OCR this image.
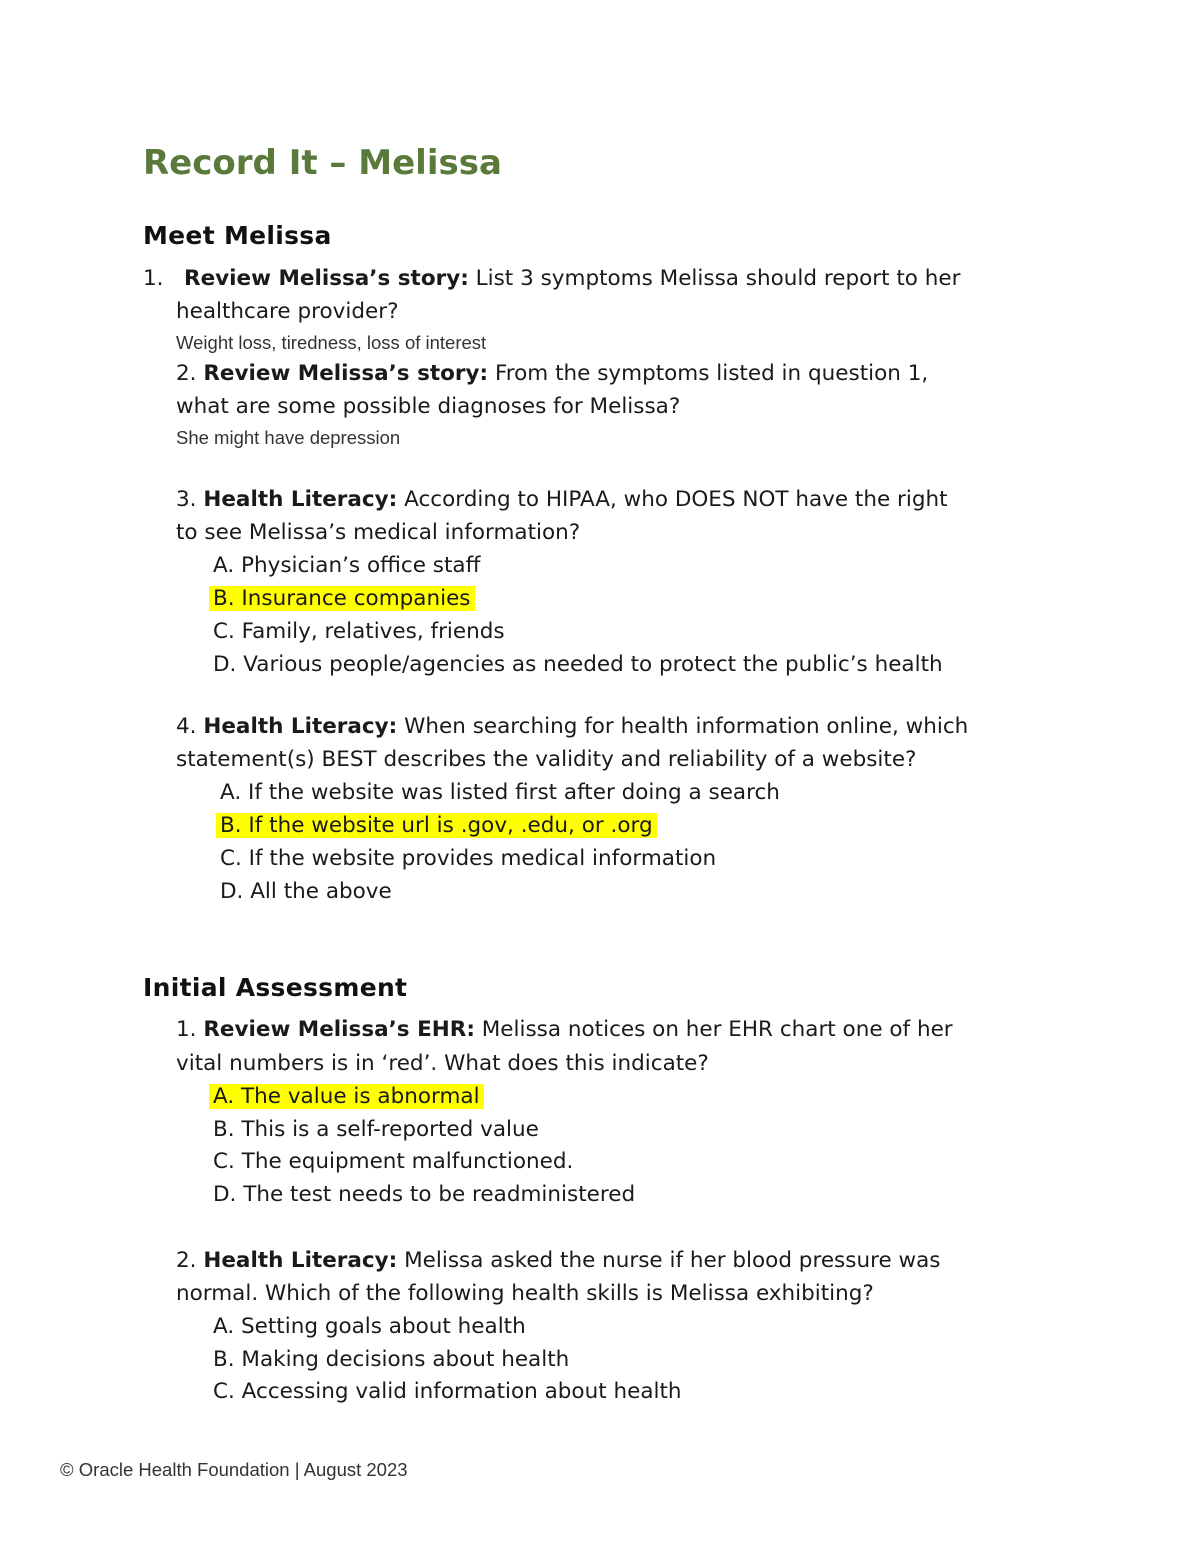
Record It – Melissa
Meet Melissa
1. Review Melissa’s story: List 3 symptoms Melissa should report to her
healthcare provider?
Weight loss, tiredness, loss of interest
2. Review Melissa’s story: From the symptoms listed in question 1,
what are some possible diagnoses for Melissa?
She might have depression
3. Health Literacy: According to HIPAA, who DOES NOT have the right
to see Melissa’s medical information?
A. Physician’s office staff
B. Insurance companies
C. Family, relatives, friends
D. Various people/agencies as needed to protect the public’s health
4. Health Literacy: When searching for health information online, which
statement(s) BEST describes the validity and reliability of a website?
A. If the website was listed first after doing a search
B. If the website url is .gov, .edu, or .org
C. If the website provides medical information
D. All the above
Initial Assessment
1. Review Melissa’s EHR: Melissa notices on her EHR chart one of her
vital numbers is in ‘red’. What does this indicate?
A. The value is abnormal
B. This is a self-reported value
C. The equipment malfunctioned.
D. The test needs to be readministered
2. Health Literacy: Melissa asked the nurse if her blood pressure was
normal. Which of the following health skills is Melissa exhibiting?
A. Setting goals about health
B. Making decisions about health
C. Accessing valid information about health
© Oracle Health Foundation | August 2023
